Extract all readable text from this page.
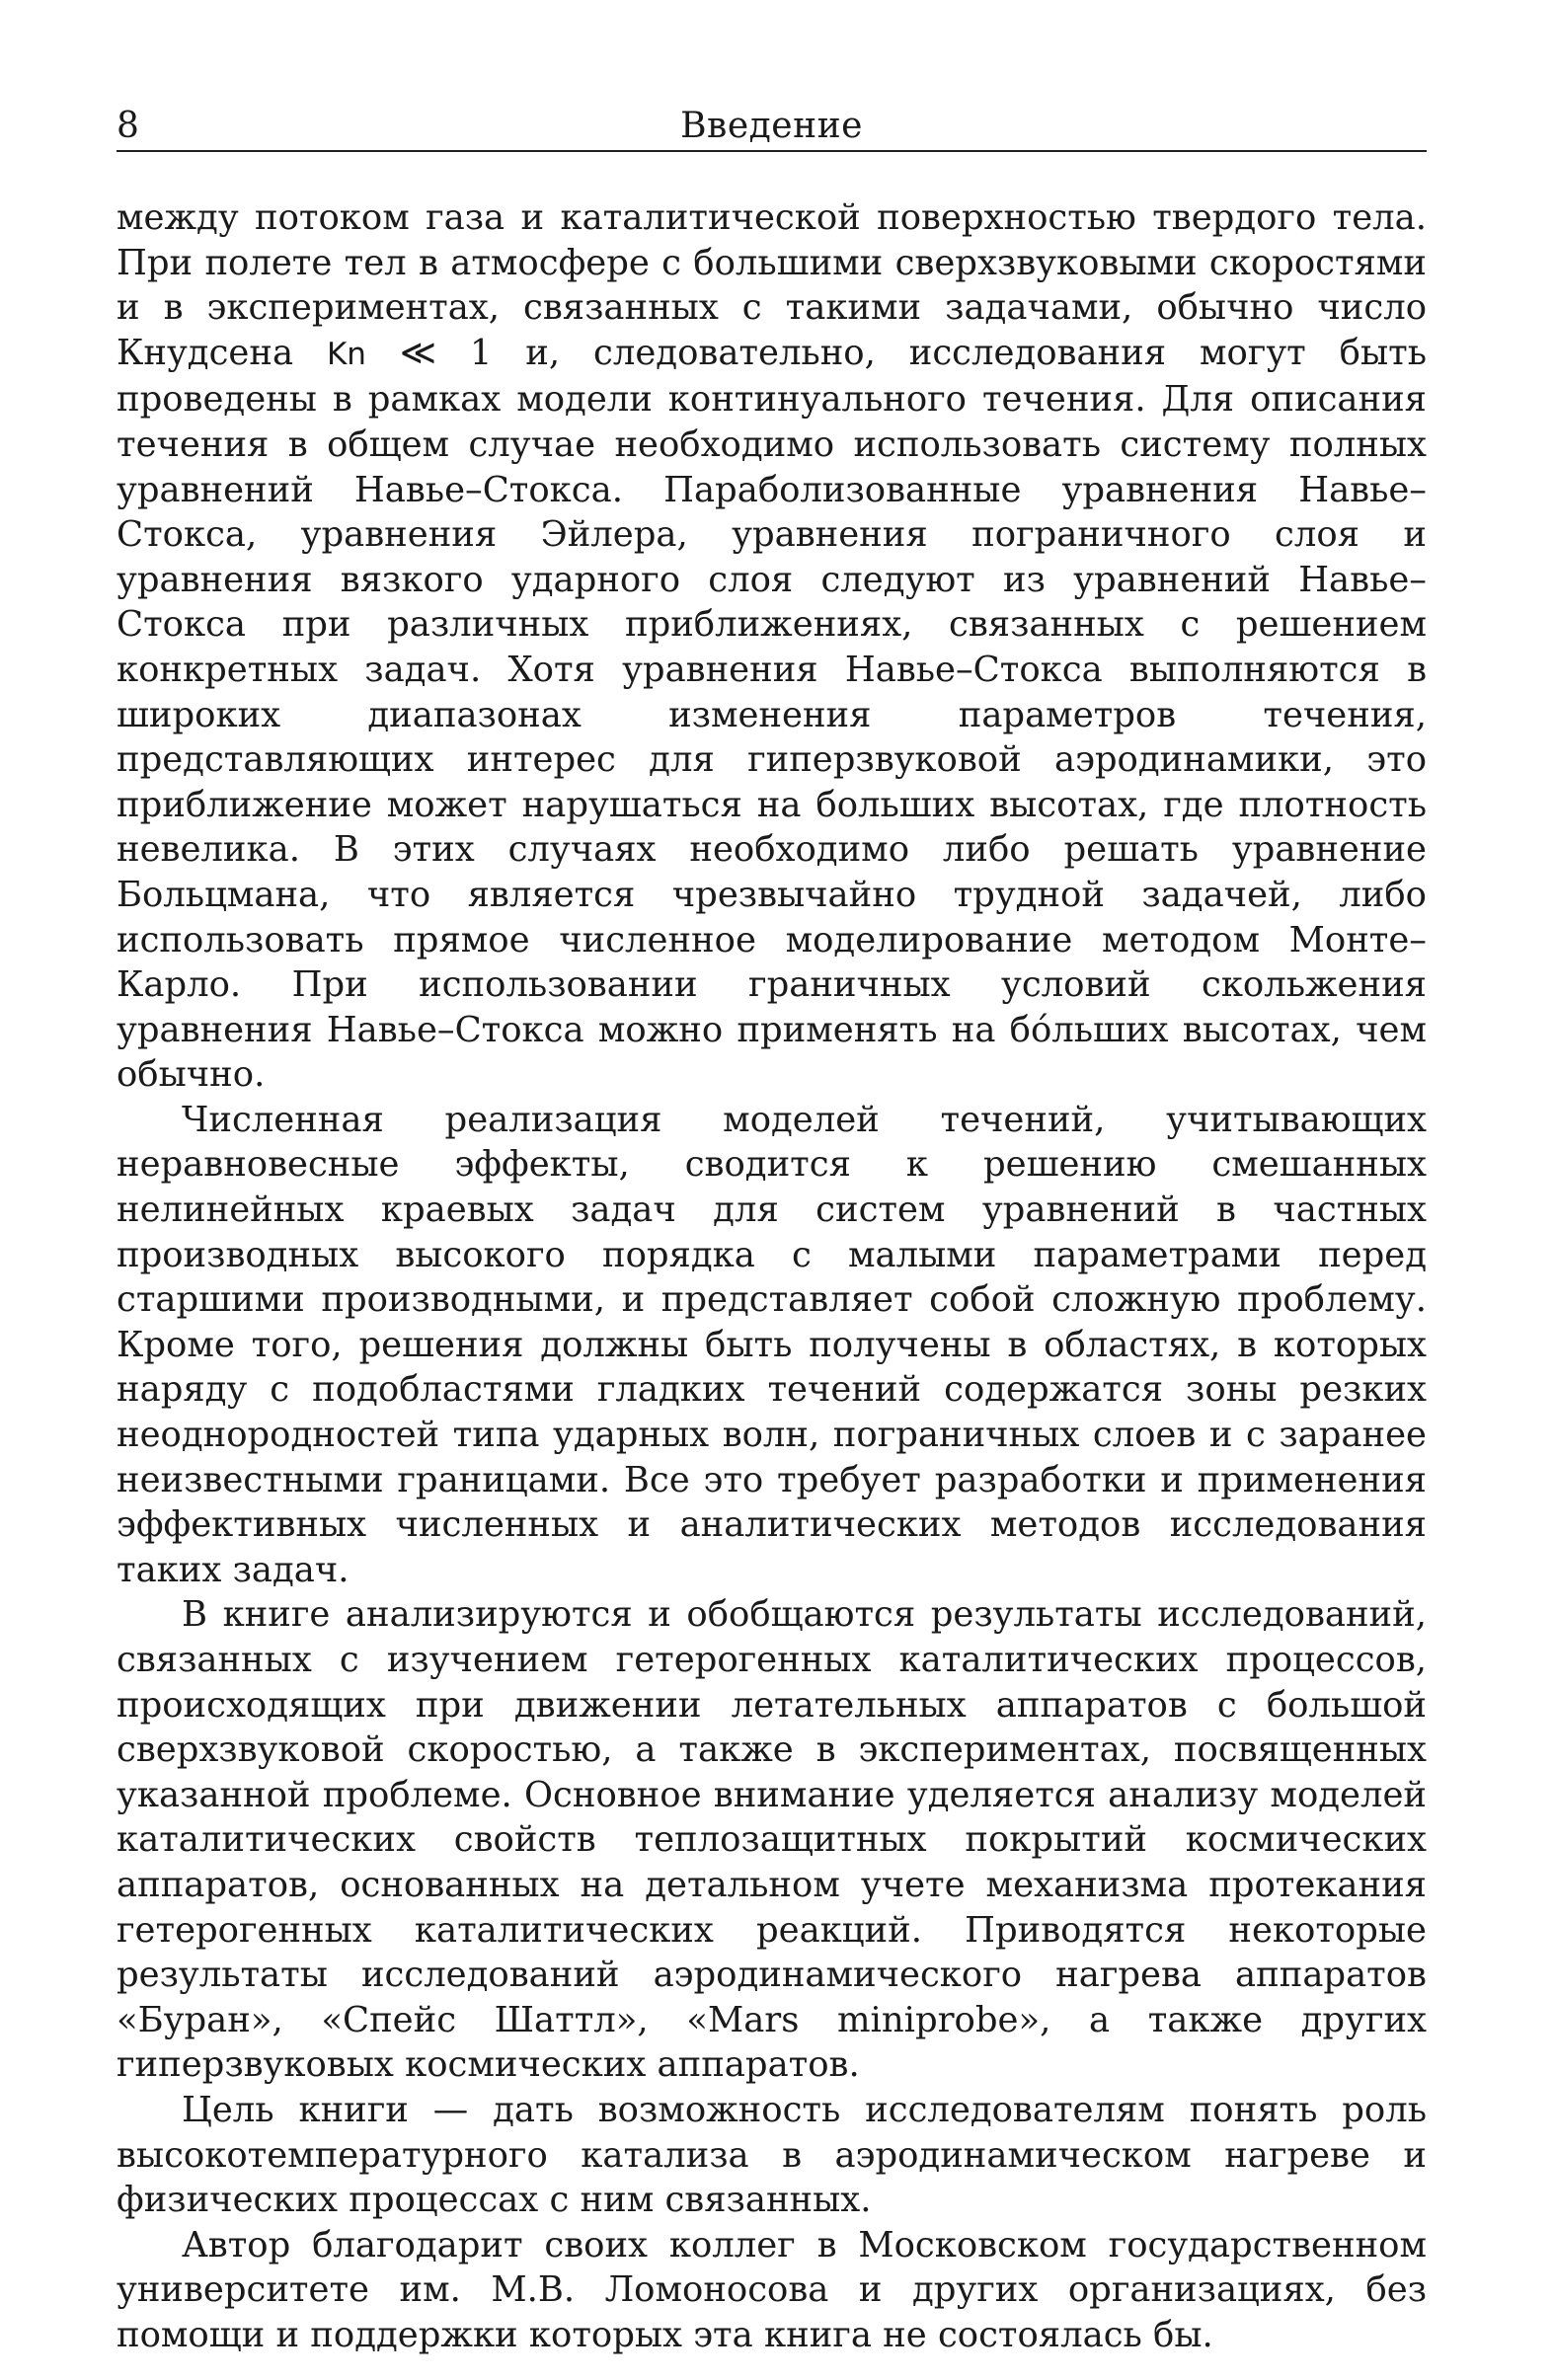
8	Введение

между потоком газа и каталитической поверхностью твердого тела. При полете тел в атмосфере с большими сверхзвуковыми скоростями и в экспериментах, связанных с такими задачами, обычно число Кнудсена Kn ≪ 1 и, следовательно, исследования могут быть проведены в рамках модели континуального течения. Для описания течения в общем случае необходимо использовать систему полных уравнений Навье–Стокса. Параболизованные уравнения Навье–Стокса, уравнения Эйлера, уравнения пограничного слоя и уравнения вязкого ударного слоя следуют из уравнений Навье–Стокса при различных приближениях, связанных с решением конкретных задач. Хотя уравнения Навье–Стокса выполняются в широких диапазонах изменения параметров течения, представляющих интерес для гиперзвуковой аэродинамики, это приближение может нарушаться на больших высотах, где плотность невелика. В этих случаях необходимо либо решать уравнение Больцмана, что является чрезвычайно трудной задачей, либо использовать прямое численное моделирование методом Монте–Карло. При использовании граничных условий скольжения уравнения Навье–Стокса можно применять на бóльших высотах, чем обычно.

Численная реализация моделей течений, учитывающих неравновесные эффекты, сводится к решению смешанных нелинейных краевых задач для систем уравнений в частных производных высокого порядка с малыми параметрами перед старшими производными, и представляет собой сложную проблему. Кроме того, решения должны быть получены в областях, в которых наряду с подобластями гладких течений содержатся зоны резких неоднородностей типа ударных волн, пограничных слоев и с заранее неизвестными границами. Все это требует разработки и применения эффективных численных и аналитических методов исследования таких задач.

В книге анализируются и обобщаются результаты исследований, связанных с изучением гетерогенных каталитических процессов, происходящих при движении летательных аппаратов с большой сверхзвуковой скоростью, а также в экспериментах, посвященных указанной проблеме. Основное внимание уделяется анализу моделей каталитических свойств теплозащитных покрытий космических аппаратов, основанных на детальном учете механизма протекания гетерогенных каталитических реакций. Приводятся некоторые результаты исследований аэродинамического нагрева аппаратов «Буран», «Спейс Шаттл», «Mars miniprobe», а также других гиперзвуковых космических аппаратов.

Цель книги — дать возможность исследователям понять роль высокотемпературного катализа в аэродинамическом нагреве и физических процессах с ним связанных.

Автор благодарит своих коллег в Московском государственном университете им. М.В. Ломоносова и других организациях, без помощи и поддержки которых эта книга не состоялась бы.
